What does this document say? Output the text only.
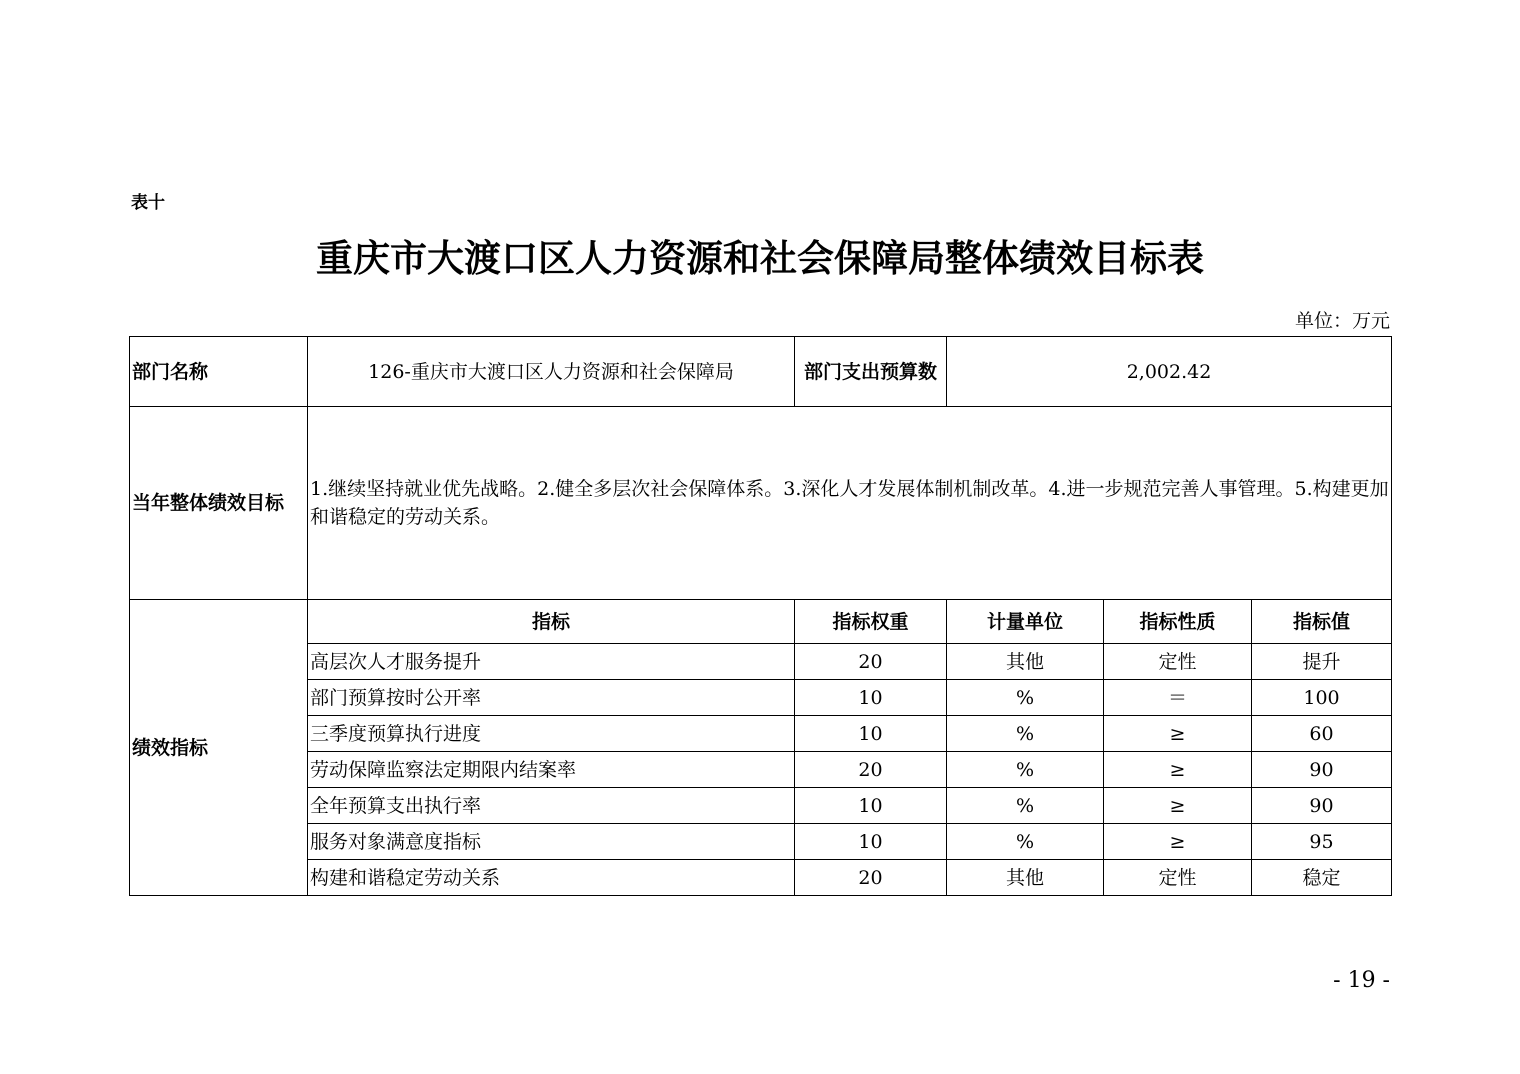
表十
重庆市大渡口区人力资源和社会保障局整体绩效目标表
单位：万元
部门名称	126-重庆市大渡口区人力资源和社会保障局	部门支出预算数	2,002.42		
当年整体绩效目标	1.继续坚持就业优先战略。2.健全多层次社会保障体系。3.深化人才发展体制机制改革。4.进一步规范完善人事管理。5.构建更加和谐稳定的劳动关系。				
绩效指标	指标	指标权重	计量单位	指标性质	指标值
	高层次人才服务提升	20	其他	定性	提升
	部门预算按时公开率	10	%	＝	100
	三季度预算执行进度	10	%	≥	60
	劳动保障监察法定期限内结案率	20	%	≥	90
	全年预算支出执行率	10	%	≥	90
	服务对象满意度指标	10	%	≥	95
	构建和谐稳定劳动关系	20	其他	定性	稳定
- 19 -
